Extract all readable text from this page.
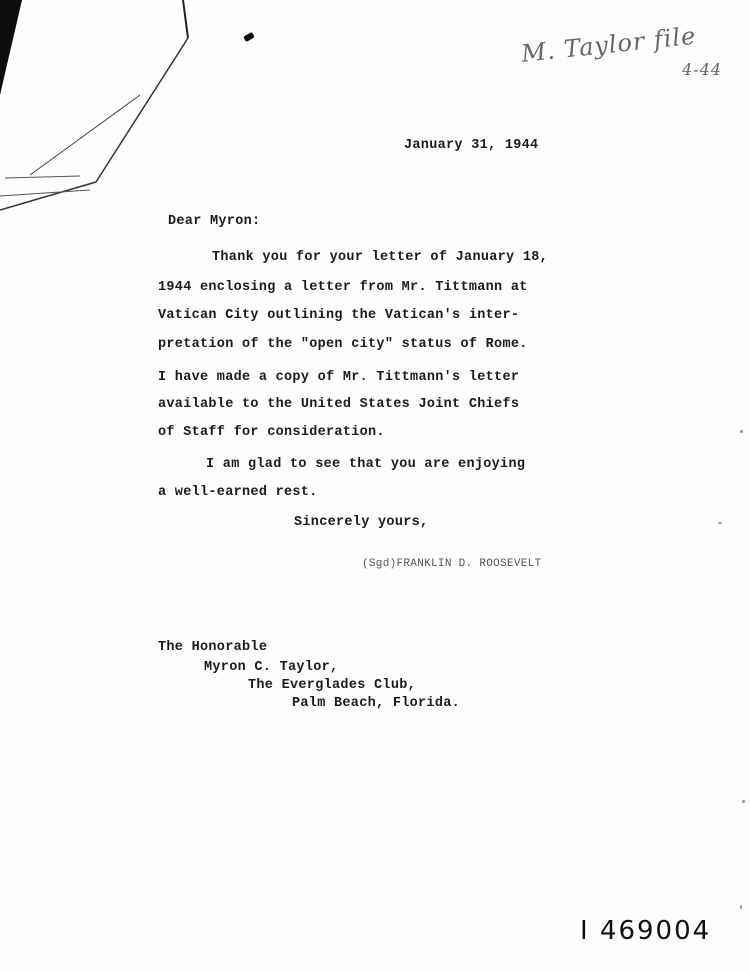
M. Taylor file
4-44
January 31, 1944
Dear Myron:
Thank you for your letter of January 18,
1944 enclosing a letter from Mr. Tittmann at
Vatican City outlining the Vatican's inter-
pretation of the "open city" status of Rome.
I have made a copy of Mr. Tittmann's letter
available to the United States Joint Chiefs
of Staff for consideration.
I am glad to see that you are enjoying
a well-earned rest.
Sincerely yours,
(Sgd)FRANKLIN D. ROOSEVELT
The Honorable
Myron C. Taylor,
The Everglades Club,
Palm Beach, Florida.
I 469004
